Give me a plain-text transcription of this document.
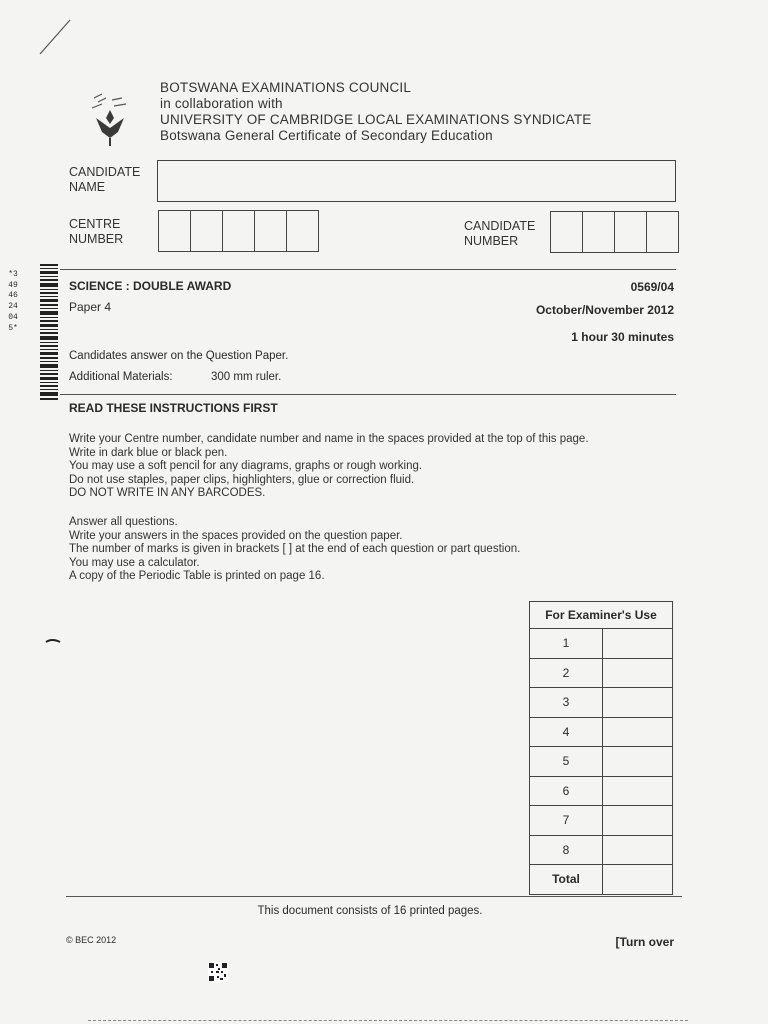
BOTSWANA EXAMINATIONS COUNCIL
in collaboration with
UNIVERSITY OF CAMBRIDGE LOCAL EXAMINATIONS SYNDICATE
Botswana General Certificate of Secondary Education
CANDIDATE
NAME
CENTRE
NUMBER
CANDIDATE
NUMBER
*3494624045*
SCIENCE : DOUBLE AWARD	0569/04
Paper 4	October/November 2012
1 hour 30 minutes
Candidates answer on the Question Paper.
Additional Materials:	300 mm ruler.
READ THESE INSTRUCTIONS FIRST
Write your Centre number, candidate number and name in the spaces provided at the top of this page.
Write in dark blue or black pen.
You may use a soft pencil for any diagrams, graphs or rough working.
Do not use staples, paper clips, highlighters, glue or correction fluid.
DO NOT WRITE IN ANY BARCODES.
Answer all questions.
Write your answers in the spaces provided on the question paper.
The number of marks is given in brackets [ ] at the end of each question or part question.
You may use a calculator.
A copy of the Periodic Table is printed on page 16.
For Examiner's Use	
1	
2	
3	
4	
5	
6	
7	
8	
Total	
This document consists of 16 printed pages.
© BEC 2012	[Turn over
